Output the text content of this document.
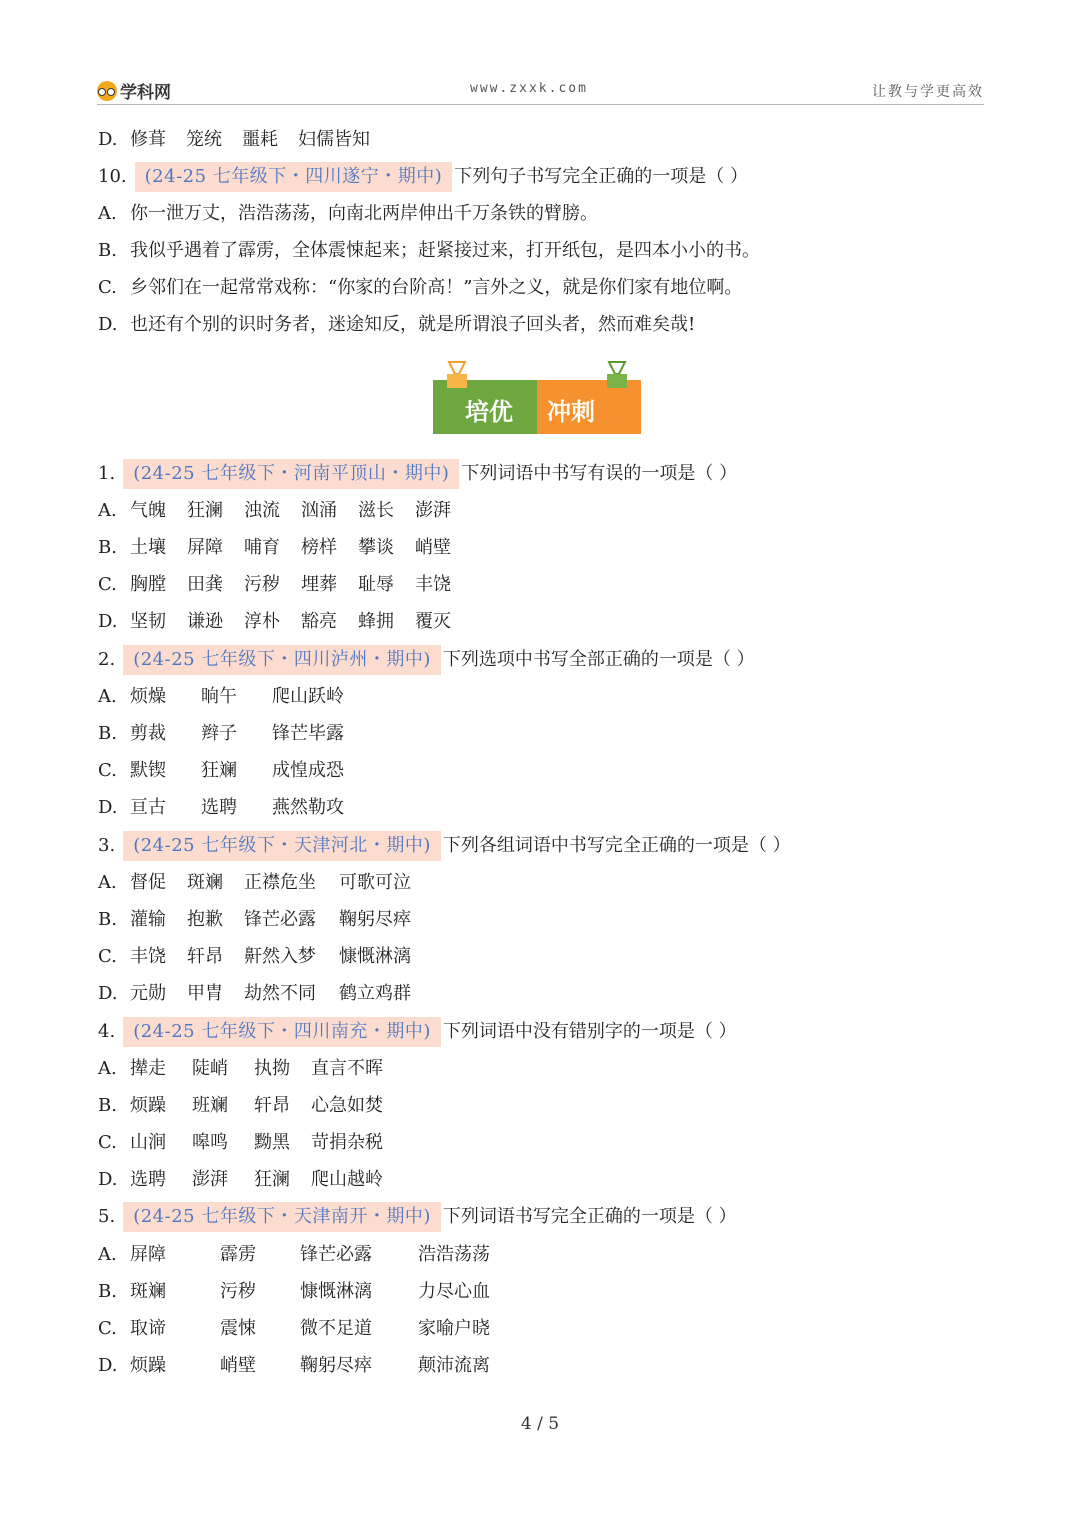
学科网	www.zxxk.com	让教与学更高效
D. 修葺	笼统	噩耗	妇儒皆知
10.	(24-25 七年级下・四川遂宁・期中) 下列句子书写完全正确的一项是（ ）
A. 你一泄万丈，浩浩荡荡，向南北两岸伸出千万条铁的臂膀。
B. 我似乎遇着了霹雳，全体震悚起来；赶紧接过来，打开纸包，是四本小小的书。
C. 乡邻们在一起常常戏称：“你家的台阶高！”言外之义，就是你们家有地位啊。
D. 也还有个别的识时务者，迷途知反，就是所谓浪子回头者，然而难矣哉!
培优 冲刺
1.	(24-25 七年级下・河南平顶山・期中) 下列词语中书写有误的一项是（ ）
A. 气魄	狂澜	浊流	汹涌	滋长	澎湃
B. 土壤	屏障	哺育	榜样	攀谈	峭壁
C. 胸膛	田龚	污秽	埋葬	耻辱	丰饶
D. 坚韧	谦逊	淳朴	豁亮	蜂拥	覆灭
2.	(24-25 七年级下・四川泸州・期中) 下列选项中书写全部正确的一项是（ ）
A. 烦燥	晌午	爬山跃岭
B. 剪裁	辫子	锋芒毕露
C. 默锲	狂斓	成惶成恐
D. 亘古	选聘	燕然勒攻
3.	(24-25 七年级下・天津河北・期中) 下列各组词语中书写完全正确的一项是（ ）
A. 督促	斑斓	正襟危坐	可歌可泣
B. 灌输	抱歉	锋芒必露	鞠躬尽瘁
C. 丰饶	轩昂	鼾然入梦	慷慨淋漓
D. 元勋	甲胄	劫然不同	鹤立鸡群
4.	(24-25 七年级下・四川南充・期中) 下列词语中没有错别字的一项是（ ）
A. 撵走	陡峭	执拗	直言不晖
B. 烦躁	班斓	轩昂	心急如焚
C. 山涧	嗥鸣	黝黑	苛捐杂税
D. 选聘	澎湃	狂澜	爬山越岭
5.	(24-25 七年级下・天津南开・期中) 下列词语书写完全正确的一项是（ ）
A. 屏障	霹雳	锋芒必露	浩浩荡荡
B. 斑斓	污秽	慷慨淋漓	力尽心血
C. 取谛	震悚	微不足道	家喻户晓
D. 烦躁	峭壁	鞠躬尽瘁	颠沛流离
4 / 5
